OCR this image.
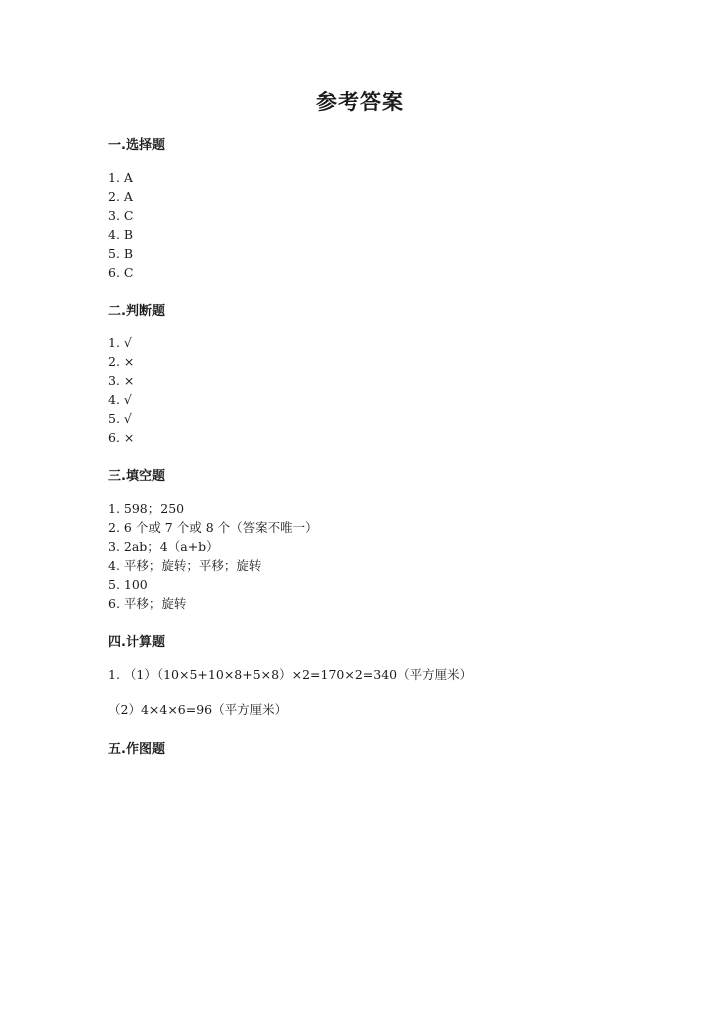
参考答案
一.选择题
1. A
2. A
3. C
4. B
5. B
6. C
二.判断题
1. √
2. ×
3. ×
4. √
5. √
6. ×
三.填空题
1. 598；250
2. 6 个或 7 个或 8 个（答案不唯一）
3. 2ab；4（a+b）
4. 平移；旋转；平移；旋转
5. 100
6. 平移；旋转
四.计算题
1. （1）（10×5+10×8+5×8）×2=170×2=340（平方厘米）
（2）4×4×6=96（平方厘米）
五.作图题
